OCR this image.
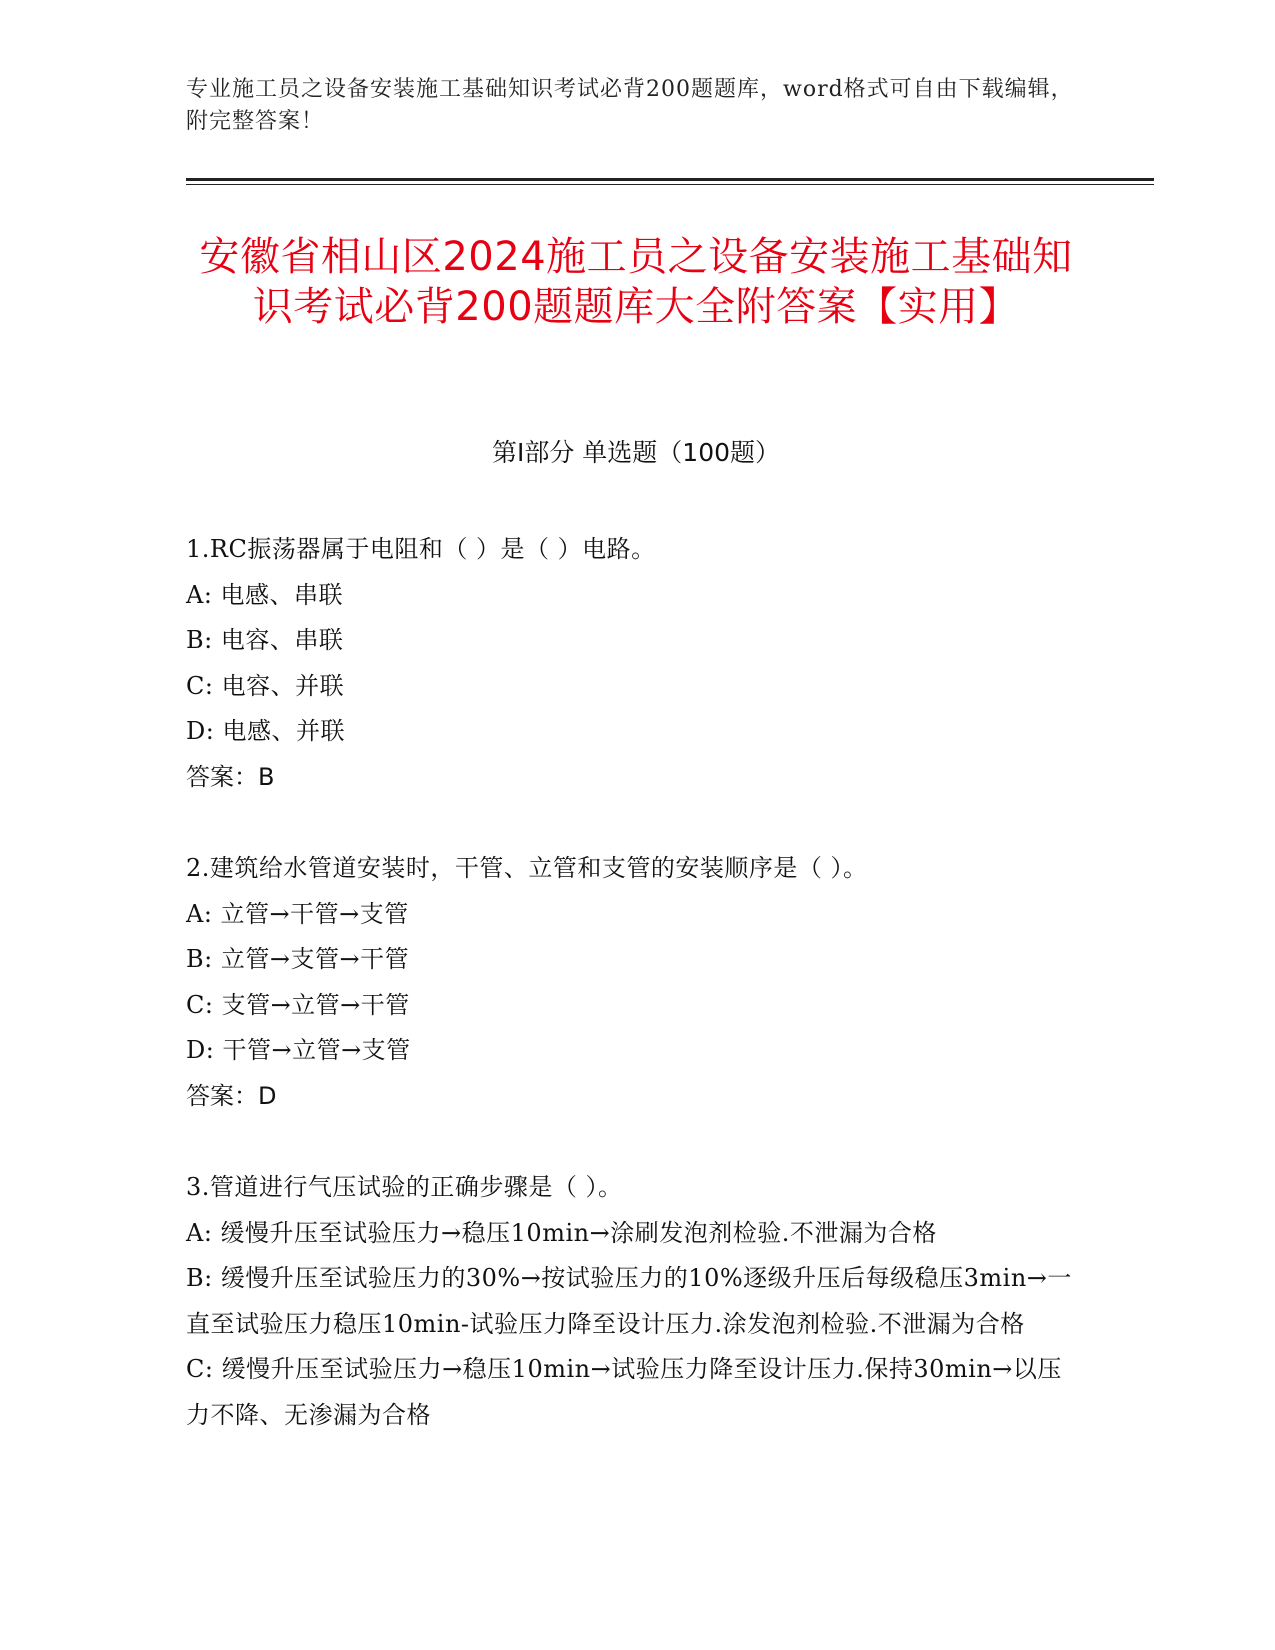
专业施工员之设备安装施工基础知识考试必背200题题库，word格式可自由下载编辑，附完整答案！
安徽省相山区2024施工员之设备安装施工基础知识考试必背200题题库大全附答案【实用】
第I部分 单选题（100题）
1.RC振荡器属于电阻和（ ）是（ ）电路。
A: 电感、串联
B: 电容、串联
C: 电容、并联
D: 电感、并联
答案：B
2.建筑给水管道安装时，干管、立管和支管的安装顺序是（ ）。
A: 立管→干管→支管
B: 立管→支管→干管
C: 支管→立管→干管
D: 干管→立管→支管
答案：D
3.管道进行气压试验的正确步骤是（ ）。
A: 缓慢升压至试验压力→稳压10min→涂刷发泡剂检验.不泄漏为合格
B: 缓慢升压至试验压力的30%→按试验压力的10%逐级升压后每级稳压3min→一直至试验压力稳压10min-试验压力降至设计压力.涂发泡剂检验.不泄漏为合格
C: 缓慢升压至试验压力→稳压10min→试验压力降至设计压力.保持30min→以压力不降、无渗漏为合格
